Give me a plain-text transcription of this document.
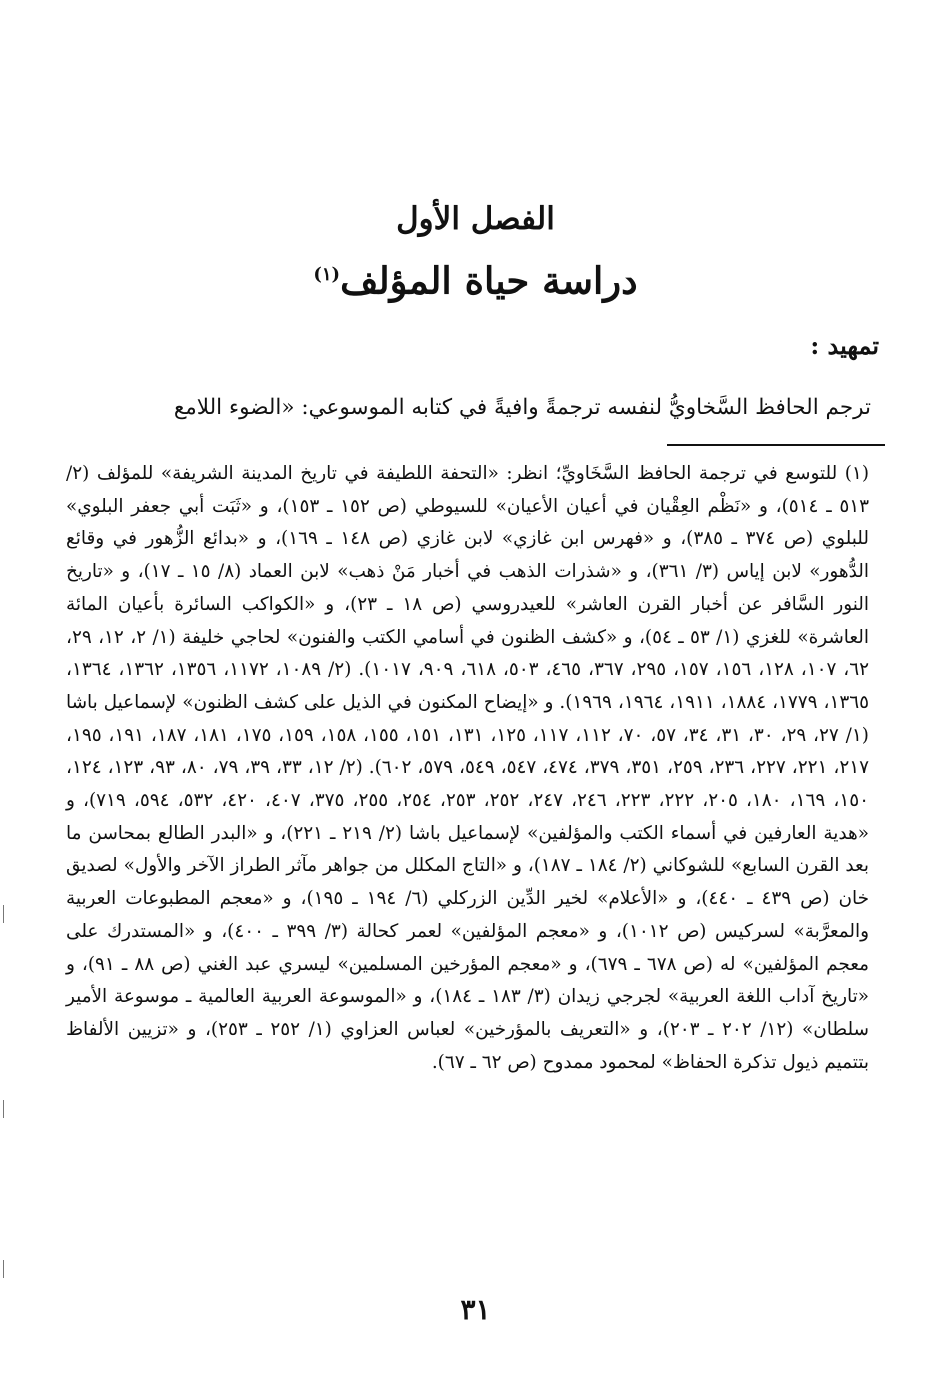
الفصل الأول
دراسة حياة المؤلف$^{(١)}$
تمهيد :
ترجم الحافظ السَّخاويُّ لنفسه ترجمةً وافيةً في كتابه الموسوعي: «الضوء اللامع

(١) للتوسع في ترجمة الحافظ السَّخَاويِّ؛ انظر: «التحفة اللطيفة في تاريخ المدينة الشريفة» للمؤلف (٢/ ٥١٣ ـ ٥١٤)، و «نَظْم العِقْيان في أعيان الأعيان» للسيوطي (ص ١٥٢ ـ ١٥٣)، و «ثَبَت أبي جعفر البلوي» للبلوي (ص ٣٧٤ ـ ٣٨٥)، و «فهرس ابن غازي» لابن غازي (ص ١٤٨ ـ ١٦٩)، و «بدائع الزُّهور في وقائع الدُّهور» لابن إياس (٣/ ٣٦١)، و «شذرات الذهب في أخبار مَنْ ذهب» لابن العماد (٨/ ١٥ ـ ١٧)، و «تاريخ النور السَّافر عن أخبار القرن العاشر» للعيدروسي (ص ١٨ ـ ٢٣)، و «الكواكب السائرة بأعيان المائة العاشرة» للغزي (١/ ٥٣ ـ ٥٤)، و «كشف الظنون في أسامي الكتب والفنون» لحاجي خليفة (١/ ٢، ١٢، ٢٩، ٦٢، ١٠٧، ١٢٨، ١٥٦، ١٥٧، ٢٩٥، ٣٦٧، ٤٦٥، ٥٠٣، ٦١٨، ٩٠٩، ١٠١٧). (٢/ ١٠٨٩، ١١٧٢، ١٣٥٦، ١٣٦٢، ١٣٦٤، ١٣٦٥، ١٧٧٩، ١٨٨٤، ١٩١١، ١٩٦٤، ١٩٦٩). و «إيضاح المكنون في الذيل على كشف الظنون» لإسماعيل باشا (١/ ٢٧، ٢٩، ٣٠، ٣١، ٣٤، ٥٧، ٧٠، ١١٢، ١١٧، ١٢٥، ١٣١، ١٥١، ١٥٥، ١٥٨، ١٥٩، ١٧٥، ١٨١، ١٨٧، ١٩١، ١٩٥، ٢١٧، ٢٢١، ٢٢٧، ٢٣٦، ٢٥٩، ٣٥١، ٣٧٩، ٤٧٤، ٥٤٧، ٥٤٩، ٥٧٩، ٦٠٢). (٢/ ١٢، ٣٣، ٣٩، ٧٩، ٨٠، ٩٣، ١٢٣، ١٢٤، ١٥٠، ١٦٩، ١٨٠، ٢٠٥، ٢٢٢، ٢٢٣، ٢٤٦، ٢٤٧، ٢٥٢، ٢٥٣، ٢٥٤، ٢٥٥، ٣٧٥، ٤٠٧، ٤٢٠، ٥٣٢، ٥٩٤، ٧١٩)، و «هدية العارفين في أسماء الكتب والمؤلفين» لإسماعيل باشا (٢/ ٢١٩ ـ ٢٢١)، و «البدر الطالع بمحاسن ما بعد القرن السابع» للشوكاني (٢/ ١٨٤ ـ ١٨٧)، و «التاج المكلل من جواهر مآثر الطراز الآخر والأول» لصديق خان (ص ٤٣٩ ـ ٤٤٠)، و «الأعلام» لخير الدِّين الزركلي (٦/ ١٩٤ ـ ١٩٥)، و «معجم المطبوعات العربية والمعرَّبة» لسركيس (ص ١٠١٢)، و «معجم المؤلفين» لعمر كحالة (٣/ ٣٩٩ ـ ٤٠٠)، و «المستدرك على معجم المؤلفين» له (ص ٦٧٨ ـ ٦٧٩)، و «معجم المؤرخين المسلمين» ليسري عبد الغني (ص ٨٨ ـ ٩١)، و «تاريخ آداب اللغة العربية» لجرجي زيدان (٣/ ١٨٣ ـ ١٨٤)، و «الموسوعة العربية العالمية ـ موسوعة الأمير سلطان» (١٢/ ٢٠٢ ـ ٢٠٣)، و «التعريف بالمؤرخين» لعباس العزاوي (١/ ٢٥٢ ـ ٢٥٣)، و «تزيين الألفاظ بتتميم ذيول تذكرة الحفاظ» لمحمود ممدوح (ص ٦٢ ـ ٦٧).

٣١
